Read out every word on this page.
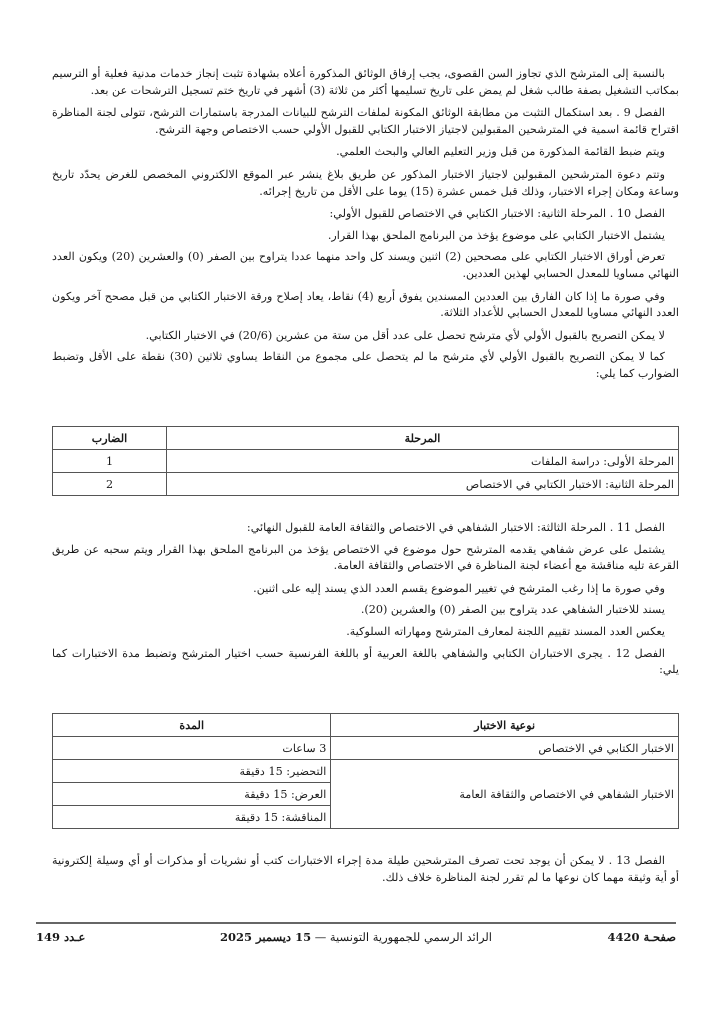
بالنسبة إلى المترشح الذي تجاوز السن القصوى، يجب إرفاق الوثائق المذكورة أعلاه بشهادة تثبت إنجاز خدمات مدنية فعلية أو الترسيم بمكاتب التشغيل بصفة طالب شغل لم يمض على تاريخ تسليمها أكثر من ثلاثة (3) أشهر في تاريخ ختم تسجيل الترشحات عن بعد.

الفصل 9 . بعد استكمال التثبت من مطابقة الوثائق المكونة لملفات الترشح للبيانات المدرجة باستمارات الترشح، تتولى لجنة المناظرة اقتراح قائمة اسمية في المترشحين المقبولين لاجتياز الاختبار الكتابي للقبول الأولي حسب الاختصاص وجهة الترشح.

ويتم ضبط القائمة المذكورة من قبل وزير التعليم العالي والبحث العلمي.

وتتم دعوة المترشحين المقبولين لاجتياز الاختبار المذكور عن طريق بلاغ ينشر عبر الموقع الالكتروني المخصص للغرض يحدّد تاريخ وساعة ومكان إجراء الاختبار، وذلك قبل خمس عشرة (15) يوما على الأقل من تاريخ إجرائه.

الفصل 10 . المرحلة الثانية: الاختبار الكتابي في الاختصاص للقبول الأولي:

يشتمل الاختبار الكتابي على موضوع يؤخذ من البرنامج الملحق بهذا القرار.

تعرض أوراق الاختبار الكتابي على مصححين (2) اثنين ويسند كل واحد منهما عددا يتراوح بين الصفر (0) والعشرين (20) ويكون العدد النهائي مساويا للمعدل الحسابي لهذين العددين.

وفي صورة ما إذا كان الفارق بين العددين المسندين يفوق أربع (4) نقاط، يعاد إصلاح ورقة الاختبار الكتابي من قبل مصحح آخر ويكون العدد النهائي مساويا للمعدل الحسابي للأعداد الثلاثة.

لا يمكن التصريح بالقبول الأولي لأي مترشح تحصل على عدد أقل من ستة من عشرين (20/6) في الاختبار الكتابي.

كما لا يمكن التصريح بالقبول الأولي لأي مترشح ما لم يتحصل على مجموع من النقاط يساوي ثلاثين (30) نقطة على الأقل وتضبط الضوارب كما يلي:

المرحلة	الضارب
المرحلة الأولى: دراسة الملفات	1
المرحلة الثانية: الاختبار الكتابي في الاختصاص	2

الفصل 11 . المرحلة الثالثة: الاختبار الشفاهي في الاختصاص والثقافة العامة للقبول النهائي:

يشتمل على عرض شفاهي يقدمه المترشح حول موضوع في الاختصاص يؤخذ من البرنامج الملحق بهذا القرار ويتم سحبه عن طريق القرعة تليه مناقشة مع أعضاء لجنة المناظرة في الاختصاص والثقافة العامة.

وفي صورة ما إذا رغب المترشح في تغيير الموضوع يقسم العدد الذي يسند إليه على اثنين.

يسند للاختبار الشفاهي عدد يتراوح بين الصفر (0) والعشرين (20).

يعكس العدد المسند تقييم اللجنة لمعارف المترشح ومهاراته السلوكية.

الفصل 12 . يجرى الاختباران الكتابي والشفاهي باللغة العربية أو باللغة الفرنسية حسب اختيار المترشح وتضبط مدة الاختبارات كما يلي:

نوعية الاختبار	المدة
الاختبار الكتابي في الاختصاص	3 ساعات
الاختبار الشفاهي في الاختصاص والثقافة العامة	التحضير: 15 دقيقة
	العرض: 15 دقيقة
	المناقشة: 15 دقيقة

الفصل 13 . لا يمكن أن يوجد تحت تصرف المترشحين طيلة مدة إجراء الاختبارات كتب أو نشريات أو مذكرات أو أي وسيلة إلكترونية أو أية وثيقة مهما كان نوعها ما لم تقرر لجنة المناظرة خلاف ذلك.

صفحـة 4420
الرائد الرسمي للجمهورية التونسية — 15 ديسمبر 2025
عـدد 149
